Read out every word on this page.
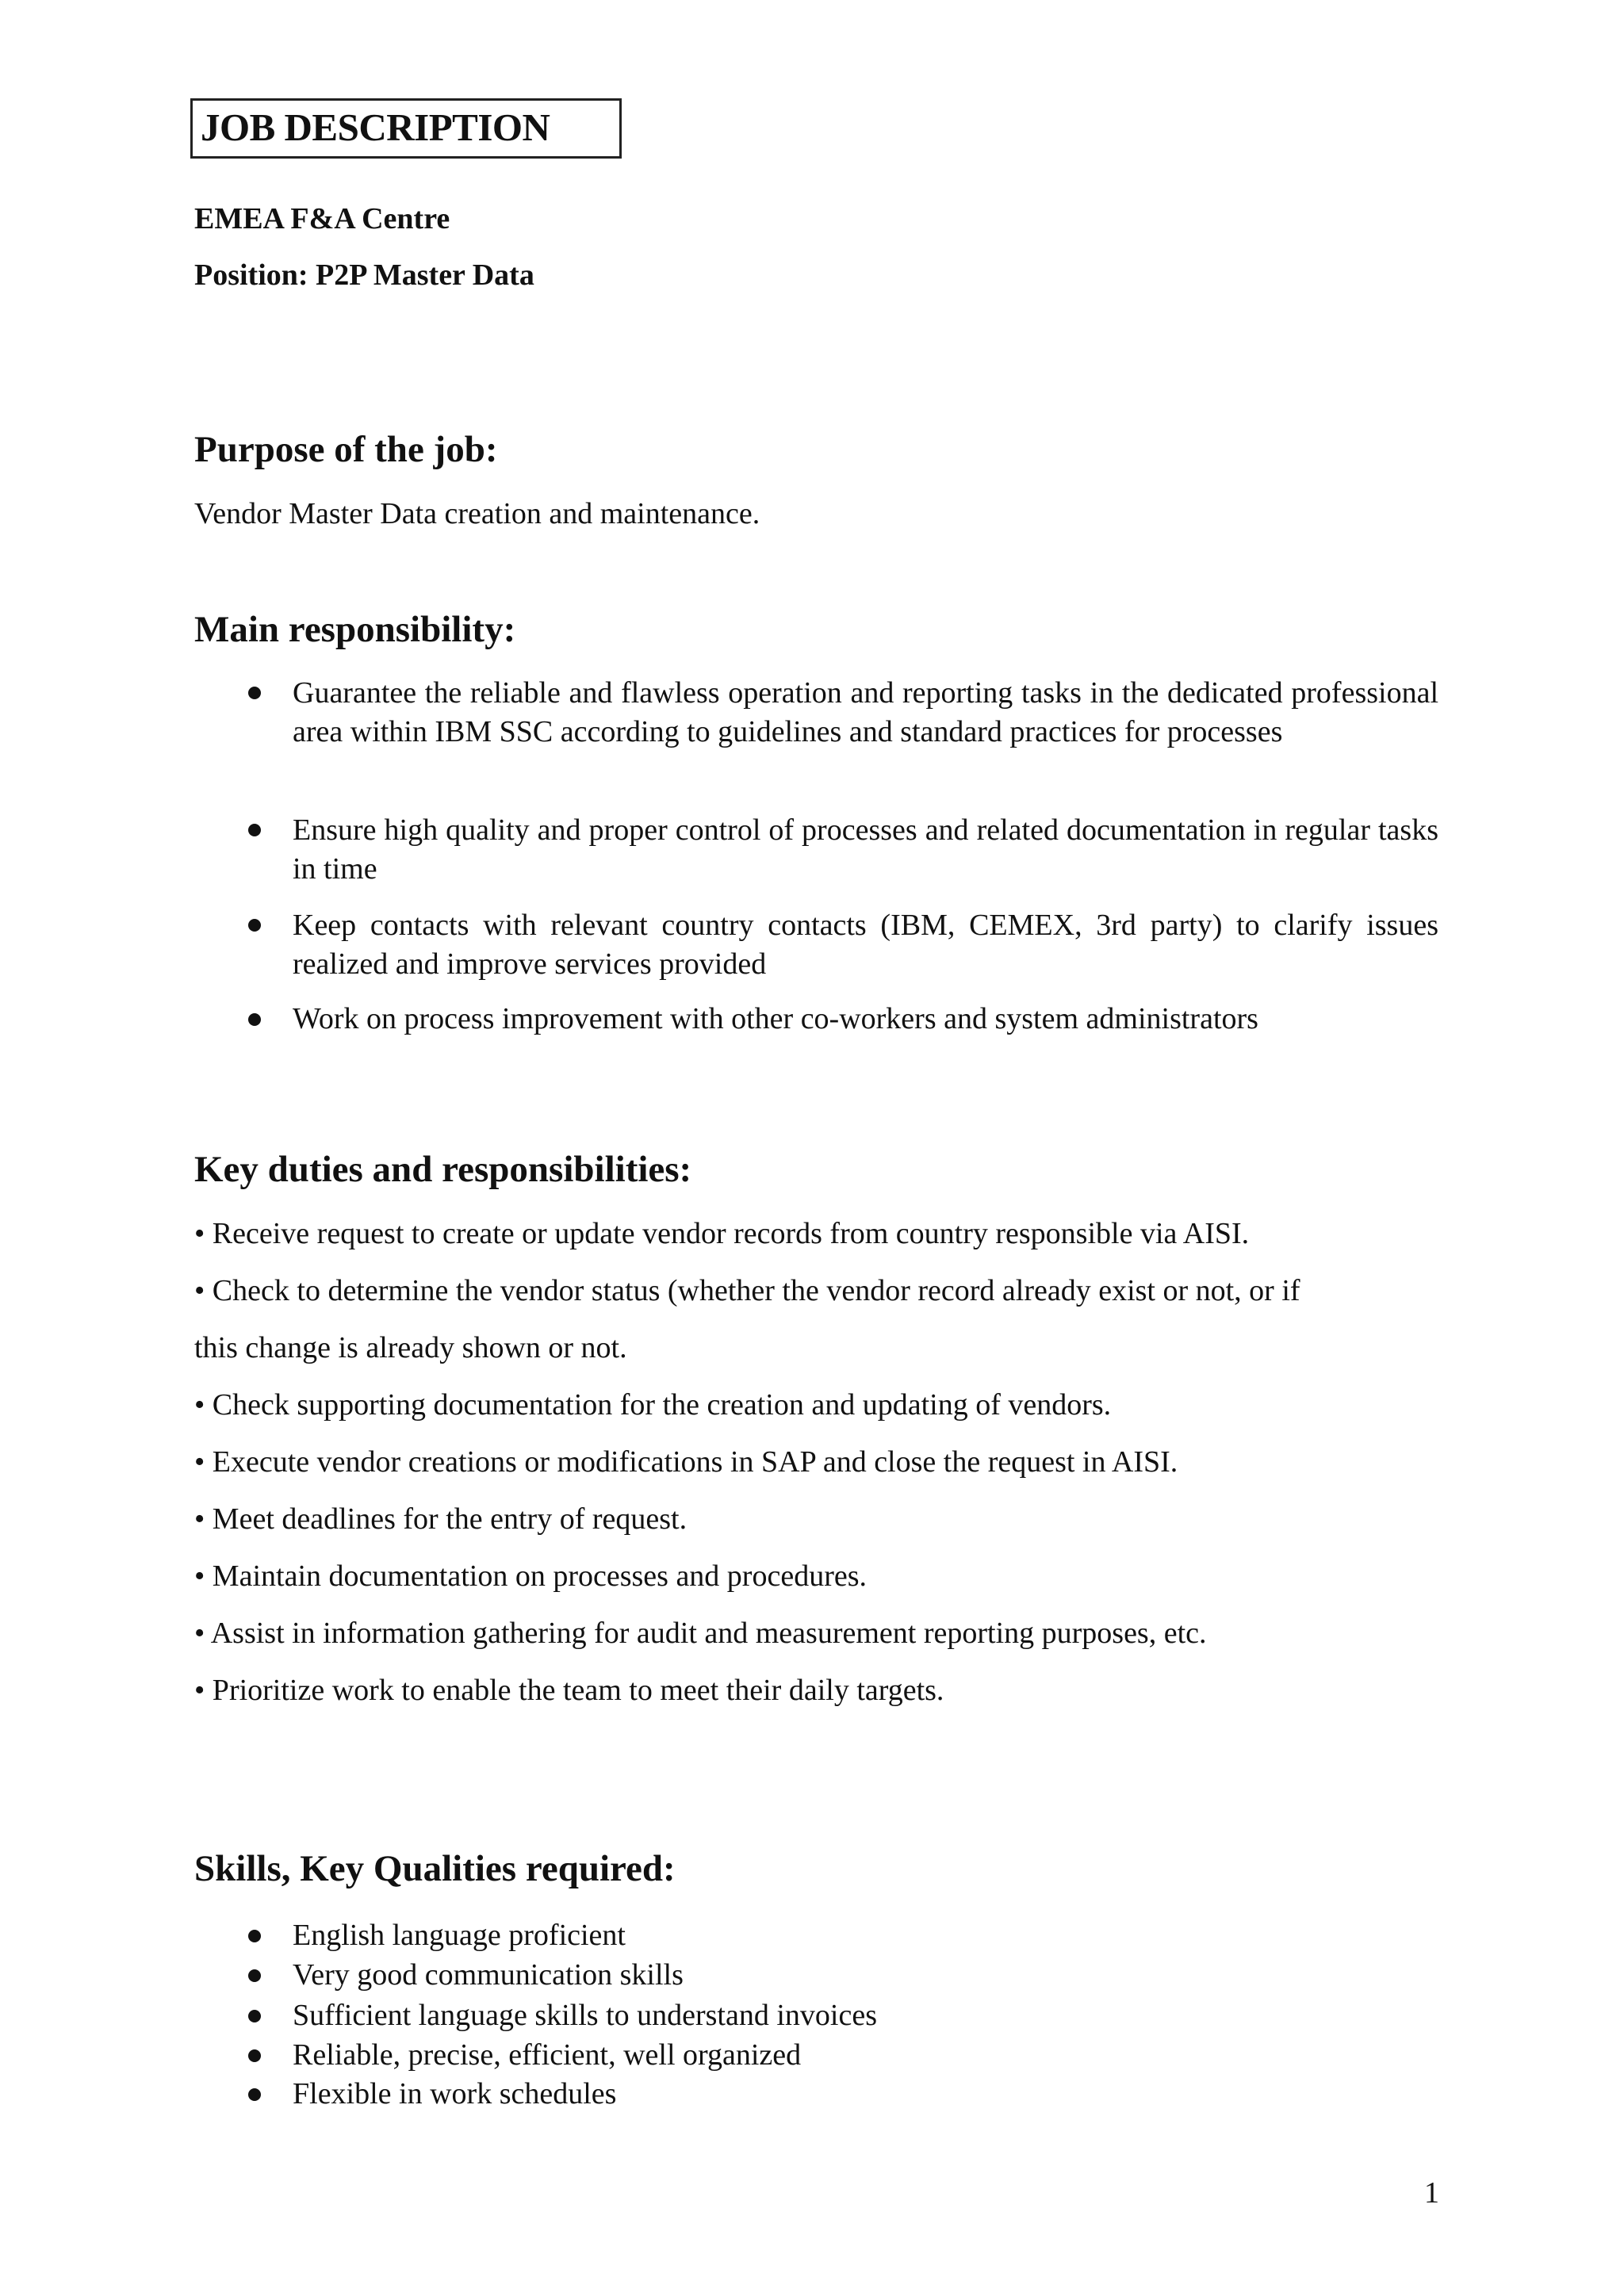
JOB DESCRIPTION
EMEA F&A Centre
Position: P2P Master Data
Purpose of the job:
Vendor Master Data creation and maintenance.
Main responsibility:
Guarantee the reliable and flawless operation and reporting tasks in the dedicated professional area within IBM SSC according to guidelines and standard practices for processes
Ensure high quality and proper control of processes and related documentation in regular tasks in time
Keep contacts with relevant country contacts (IBM, CEMEX, 3rd party) to clarify issues realized and improve services provided
Work on process improvement with other co-workers and system administrators
Key duties and responsibilities:
• Receive request to create or update vendor records from country responsible via AISI.
• Check to determine the vendor status (whether the vendor record already exist or not, or if
this change is already shown or not.
• Check supporting documentation for the creation and updating of vendors.
• Execute vendor creations or modifications in SAP and close the request in AISI.
• Meet deadlines for the entry of request.
• Maintain documentation on processes and procedures.
• Assist in information gathering for audit and measurement reporting purposes, etc.
• Prioritize work to enable the team to meet their daily targets.
Skills, Key Qualities required:
English language proficient
Very good communication skills
Sufficient language skills to understand invoices
Reliable, precise, efficient, well organized
Flexible in work schedules
1
